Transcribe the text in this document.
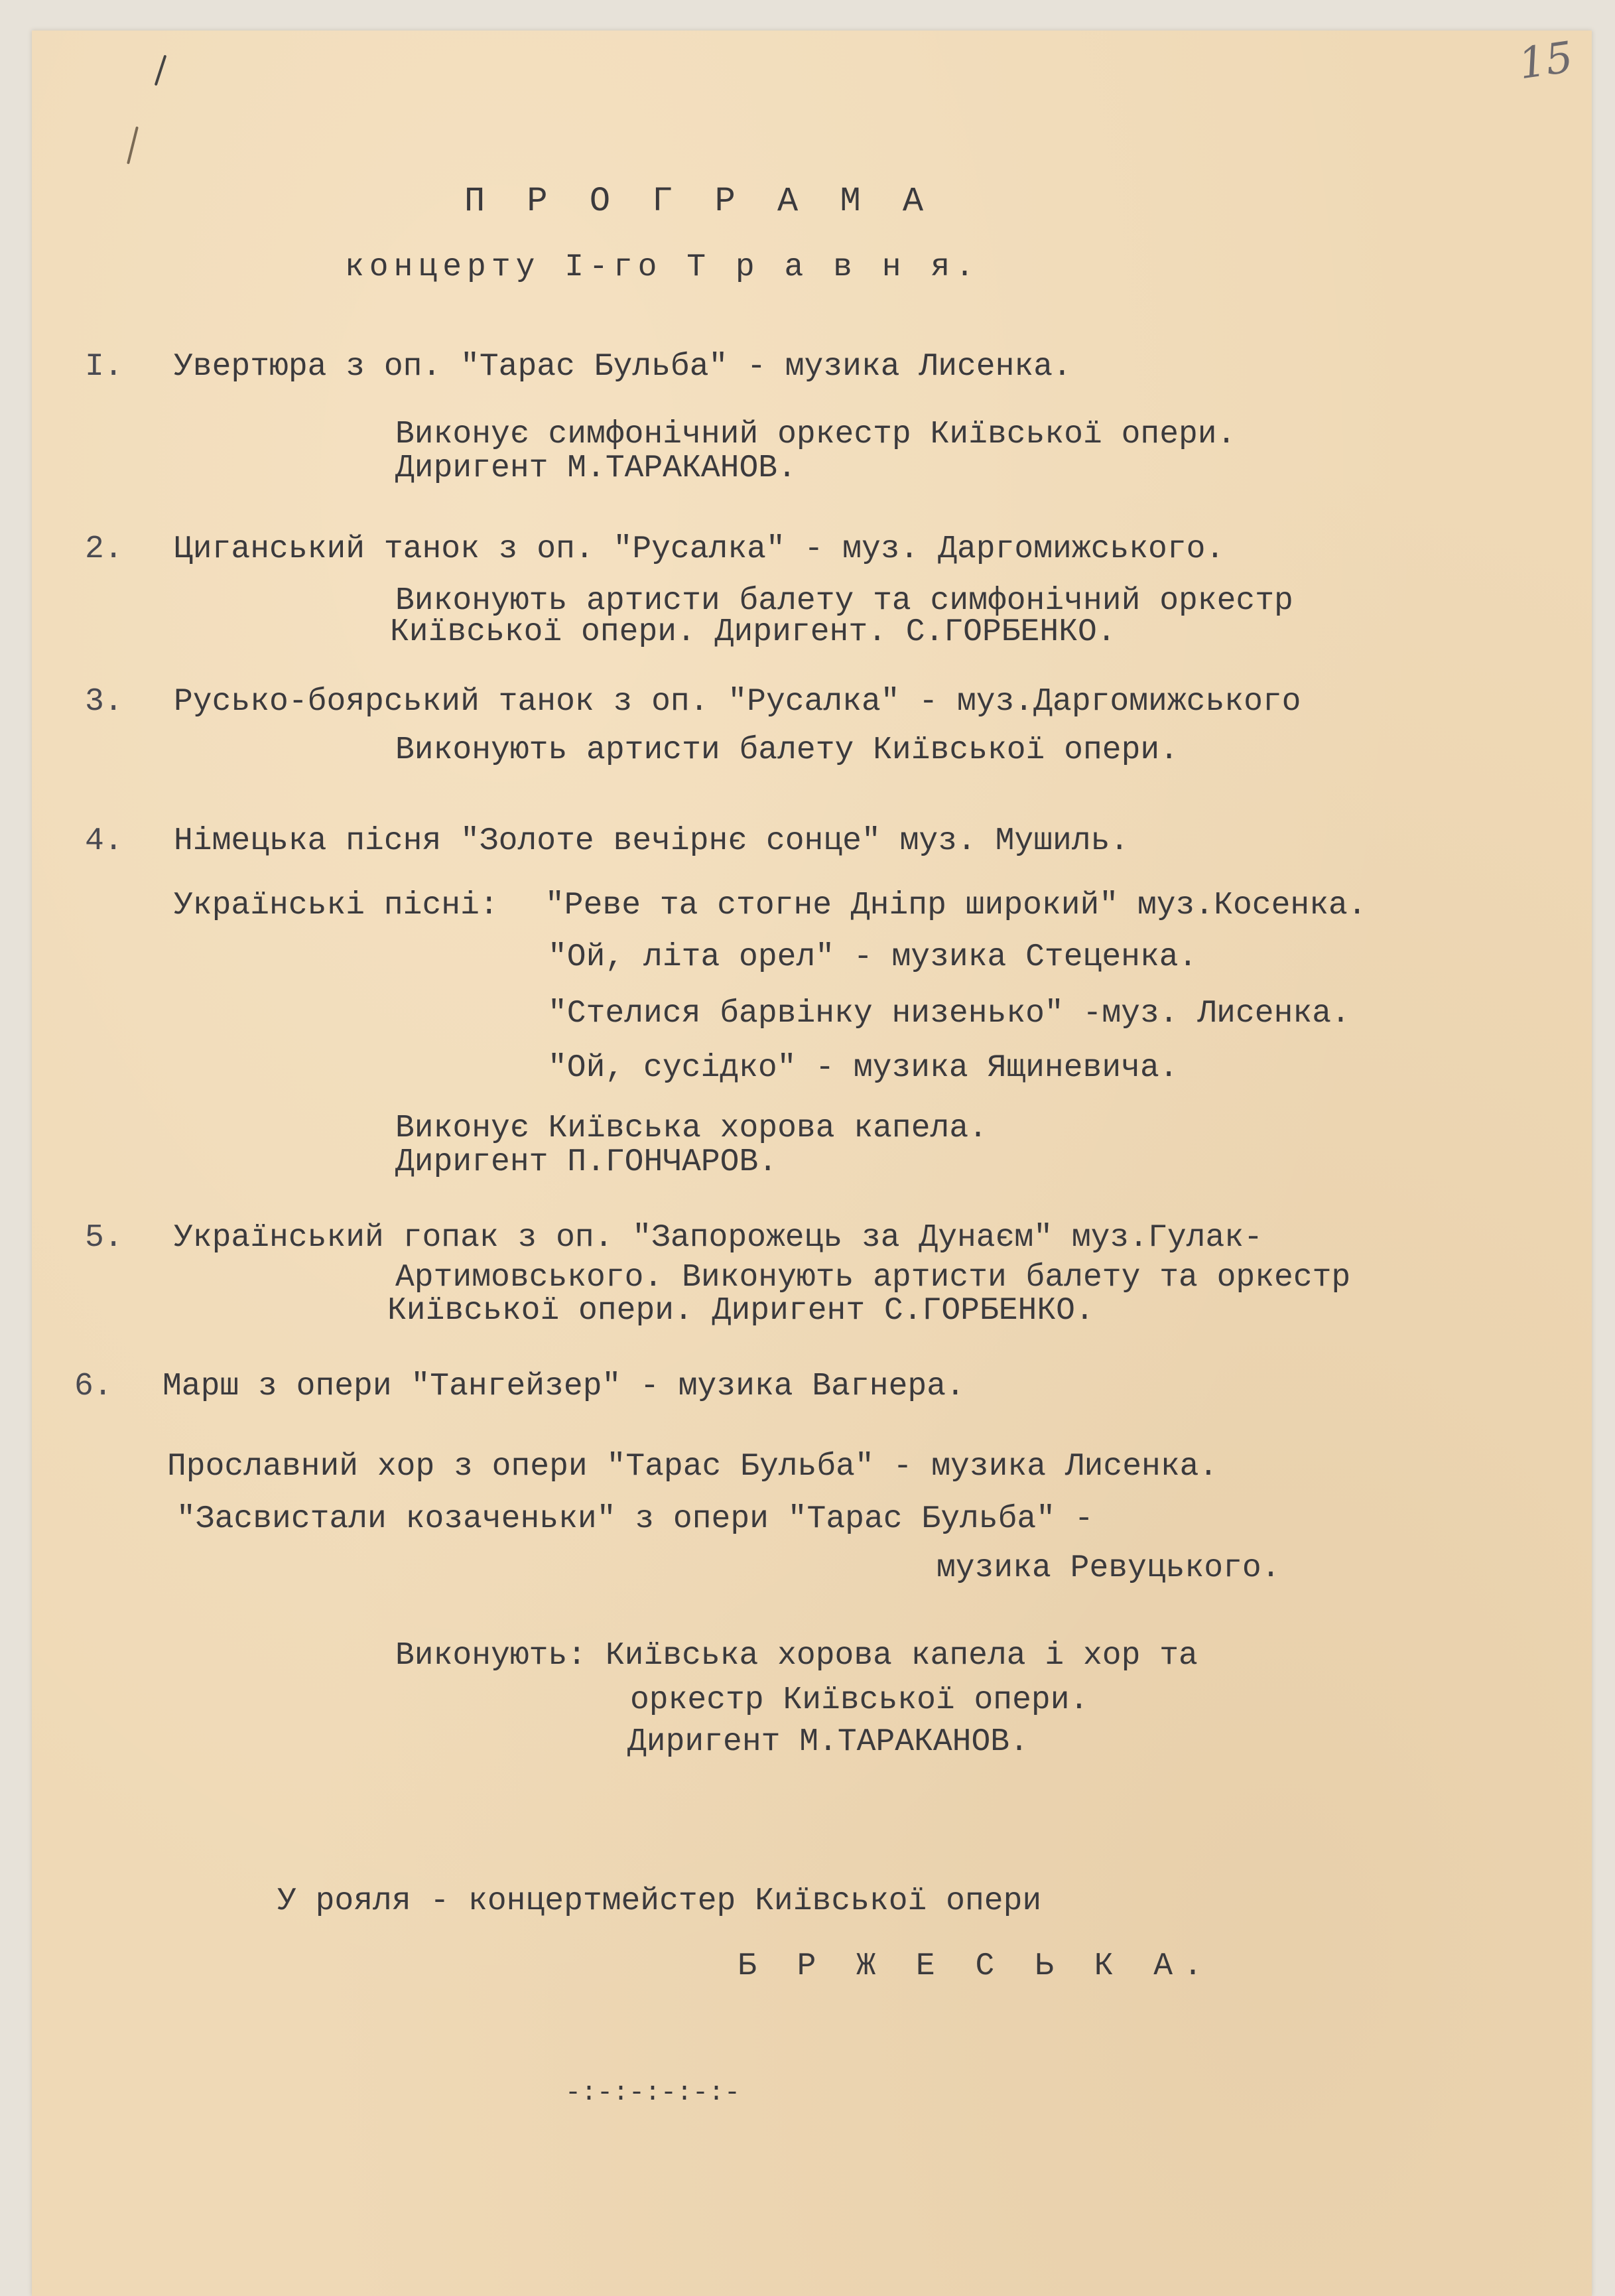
15
П Р О Г Р А М А
концерту І-го Т р а в н я.
І. Увертюра з оп. "Тарас Бульба" - музика Лисенка.
Виконує симфонічний оркестр Київської опери.
Диригент М.ТАРАКАНОВ.
2. Циганський танок з оп. "Русалка" - муз. Даргомижського.
Виконують артисти балету та симфонічний оркестр
Київської опери. Диригент. С.ГОРБЕНКО.
3. Русько-боярський танок з оп. "Русалка" - муз.Даргомижського
Виконують артисти балету Київської опери.
4. Німецька пісня "Золоте вечірнє сонце" муз. Мушиль.
Українські пісні: "Реве та стогне Дніпр широкий" муз.Косенка.
"Ой, літа орел" - музика Стеценка.
"Стелися барвінку низенько" -муз. Лисенка.
"Ой, сусідко" - музика Ящиневича.
Виконує Київська хорова капела.
Диригент П.ГОНЧАРОВ.
5. Український гопак з оп. "Запорожець за Дунаєм" муз.Гулак-
Артимовського. Виконують артисти балету та оркестр
Київської опери. Диригент С.ГОРБЕНКО.
6. Марш з опери "Тангейзер" - музика Вагнера.
Прославний хор з опери "Тарас Бульба" - музика Лисенка.
"Засвистали козаченьки" з опери "Тарас Бульба" -
музика Ревуцького.
Виконують: Київська хорова капела і хор та
оркестр Київської опери.
Диригент М.ТАРАКАНОВ.
У рояля - концертмейстер Київської опери
Б Р Ж Е С Ь К А.
-:-:-:-:-:-
